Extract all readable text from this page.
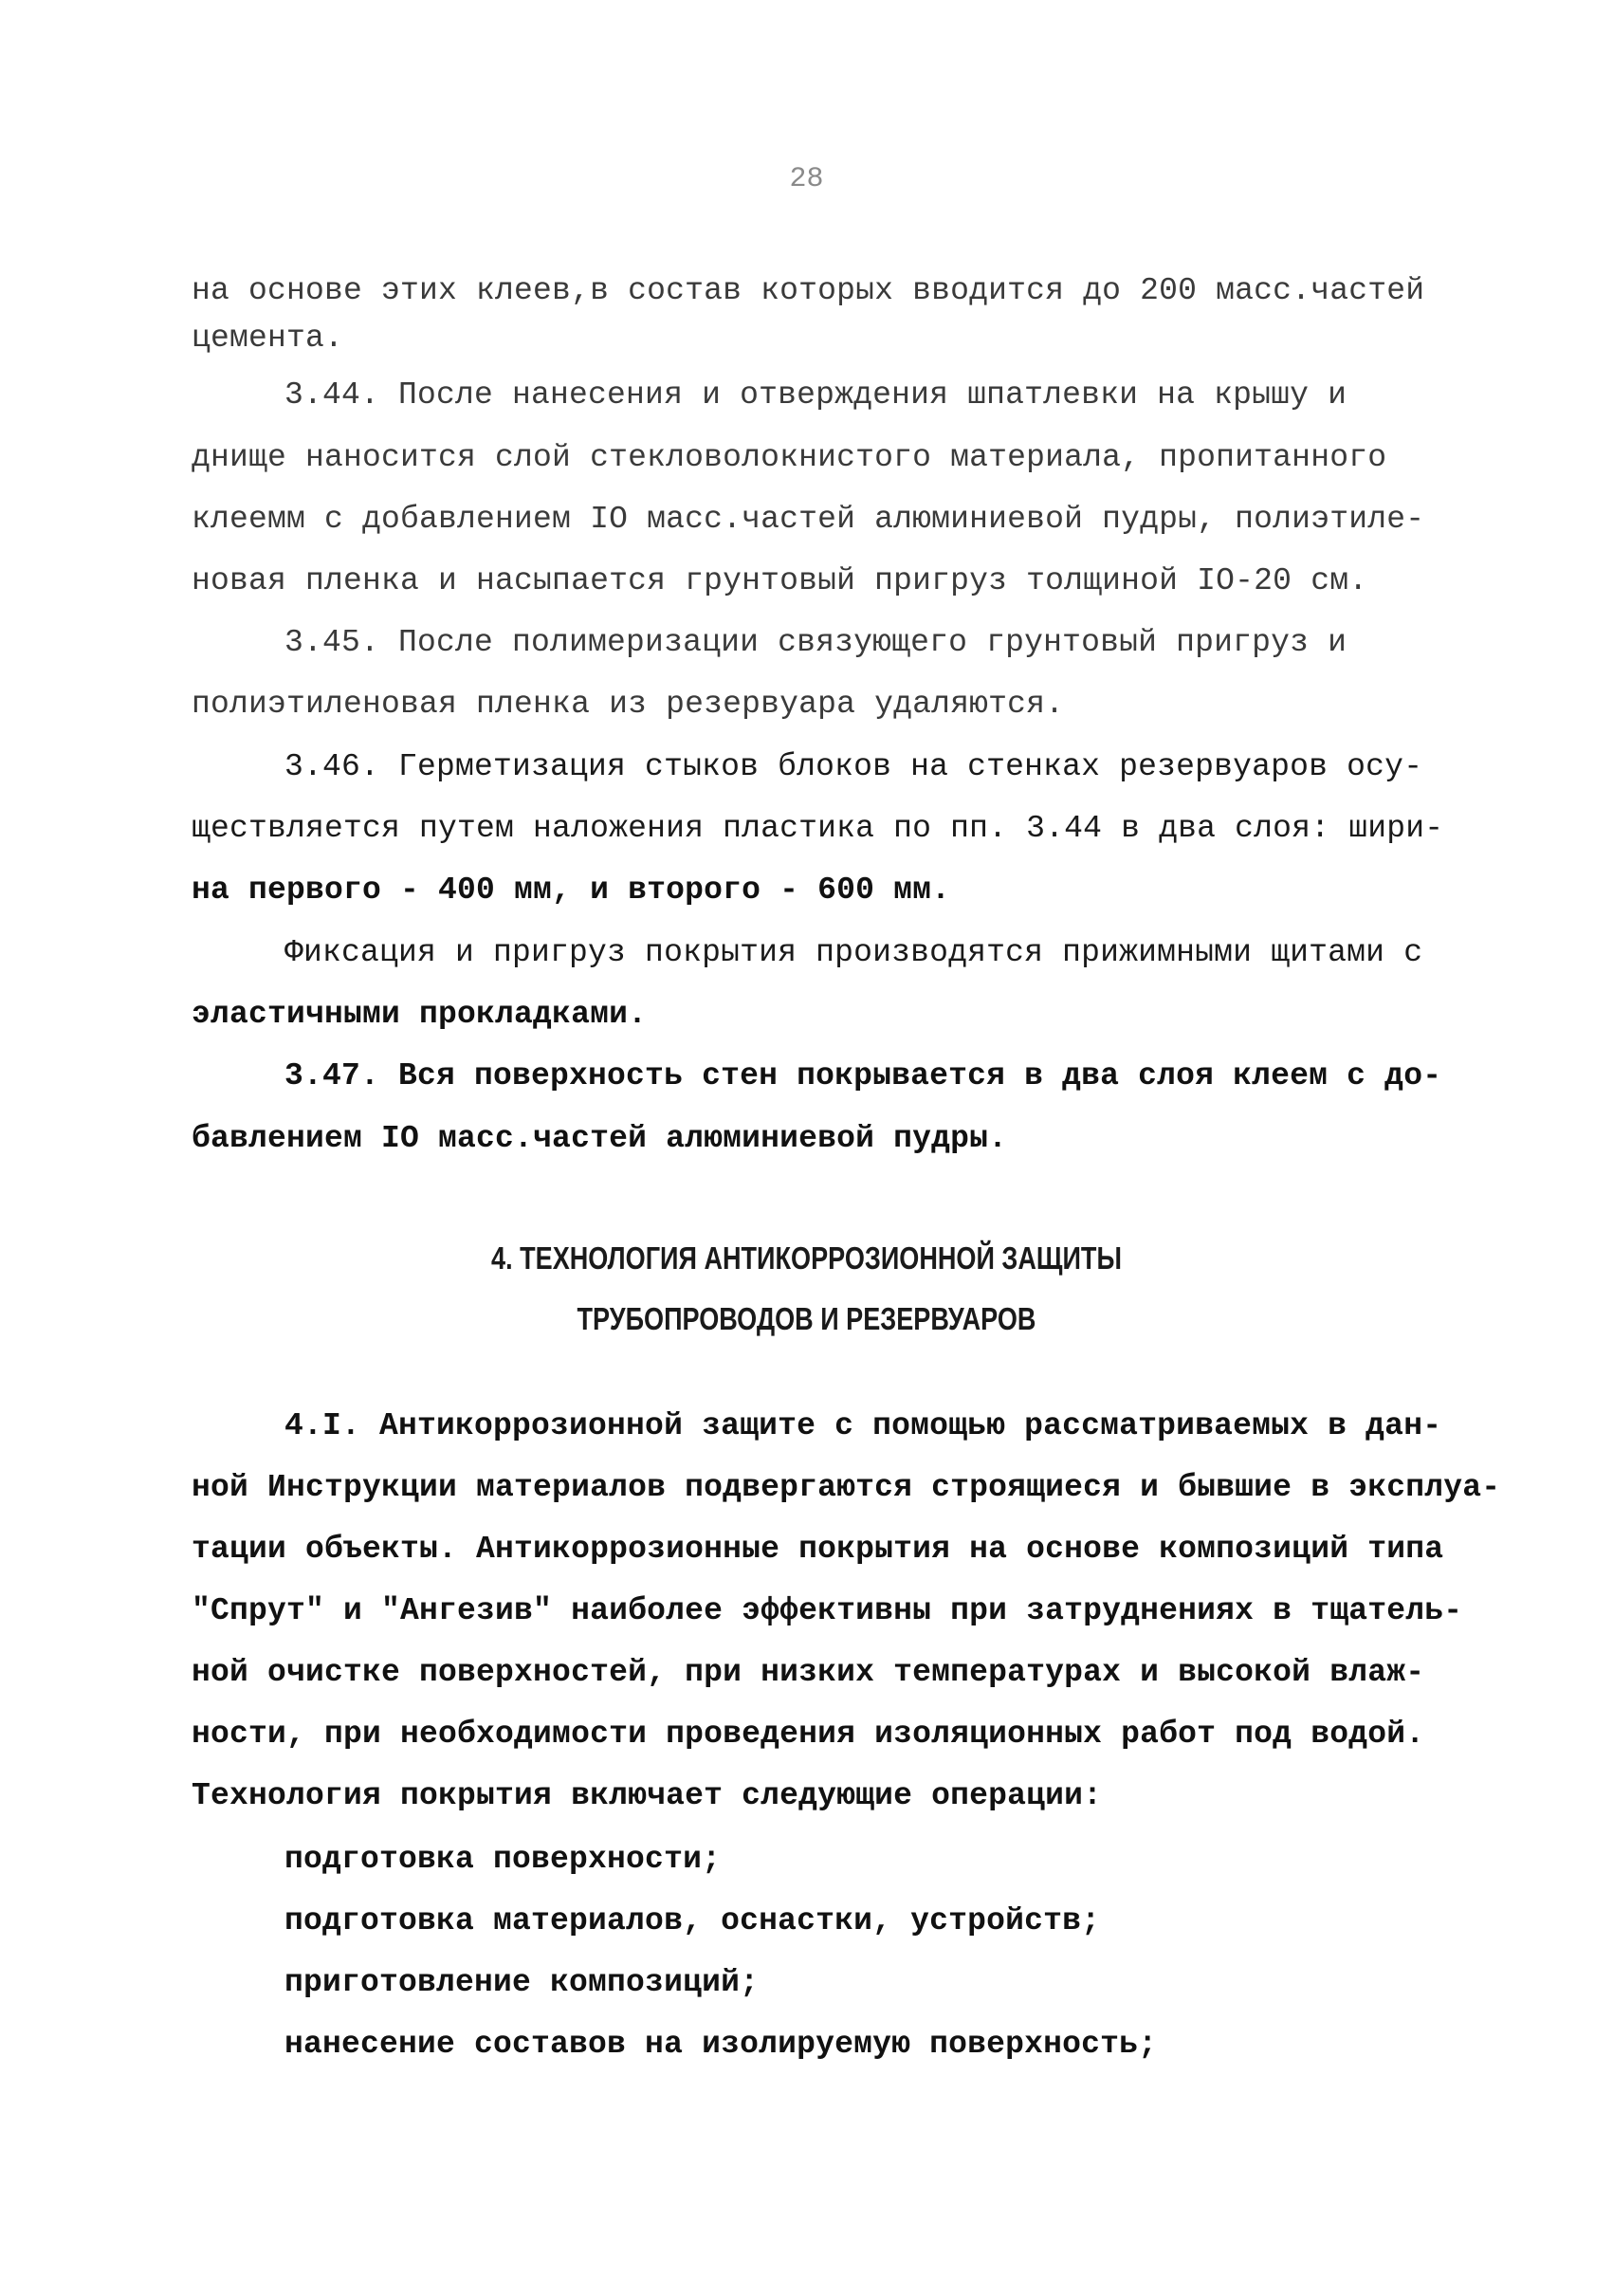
28
на основе этих клеев,в состав которых вводится до 200 масс.частей
цемента.
3.44. После нанесения и отверждения шпатлевки на крышу и
днище наносится слой стекловолокнистого материала, пропитанного
клеемм с добавлением IO масс.частей алюминиевой пудры, полиэтиле-
новая пленка и насыпается грунтовый пригруз толщиной IO-20 см.
3.45. После полимеризации связующего грунтовый пригруз и
полиэтиленовая пленка из резервуара удаляются.
3.46. Герметизация стыков блоков на стенках резервуаров осу-
ществляется путем наложения пластика по пп. 3.44 в два слоя: шири-
на первого - 400 мм, и второго - 600 мм.
Фиксация и пригруз покрытия производятся прижимными щитами с
эластичными прокладками.
3.47. Вся поверхность стен покрывается в два слоя клеем с до-
бавлением IO масс.частей алюминиевой пудры.
4. ТЕХНОЛОГИЯ АНТИКОРРОЗИОННОЙ ЗАЩИТЫ
ТРУБОПРОВОДОВ И РЕЗЕРВУАРОВ
4.I. Антикоррозионной защите с помощью рассматриваемых в дан-
ной Инструкции материалов подвергаются строящиеся и бывшие в эксплуа-
тации объекты. Антикоррозионные покрытия на основе композиций типа
"Спрут" и "Ангезив" наиболее эффективны при затруднениях в тщатель-
ной очистке поверхностей, при низких температурах и высокой влаж-
ности, при необходимости проведения изоляционных работ под водой.
Технология покрытия включает следующие операции:
подготовка поверхности;
подготовка материалов, оснастки, устройств;
приготовление композиций;
нанесение составов на изолируемую поверхность;
